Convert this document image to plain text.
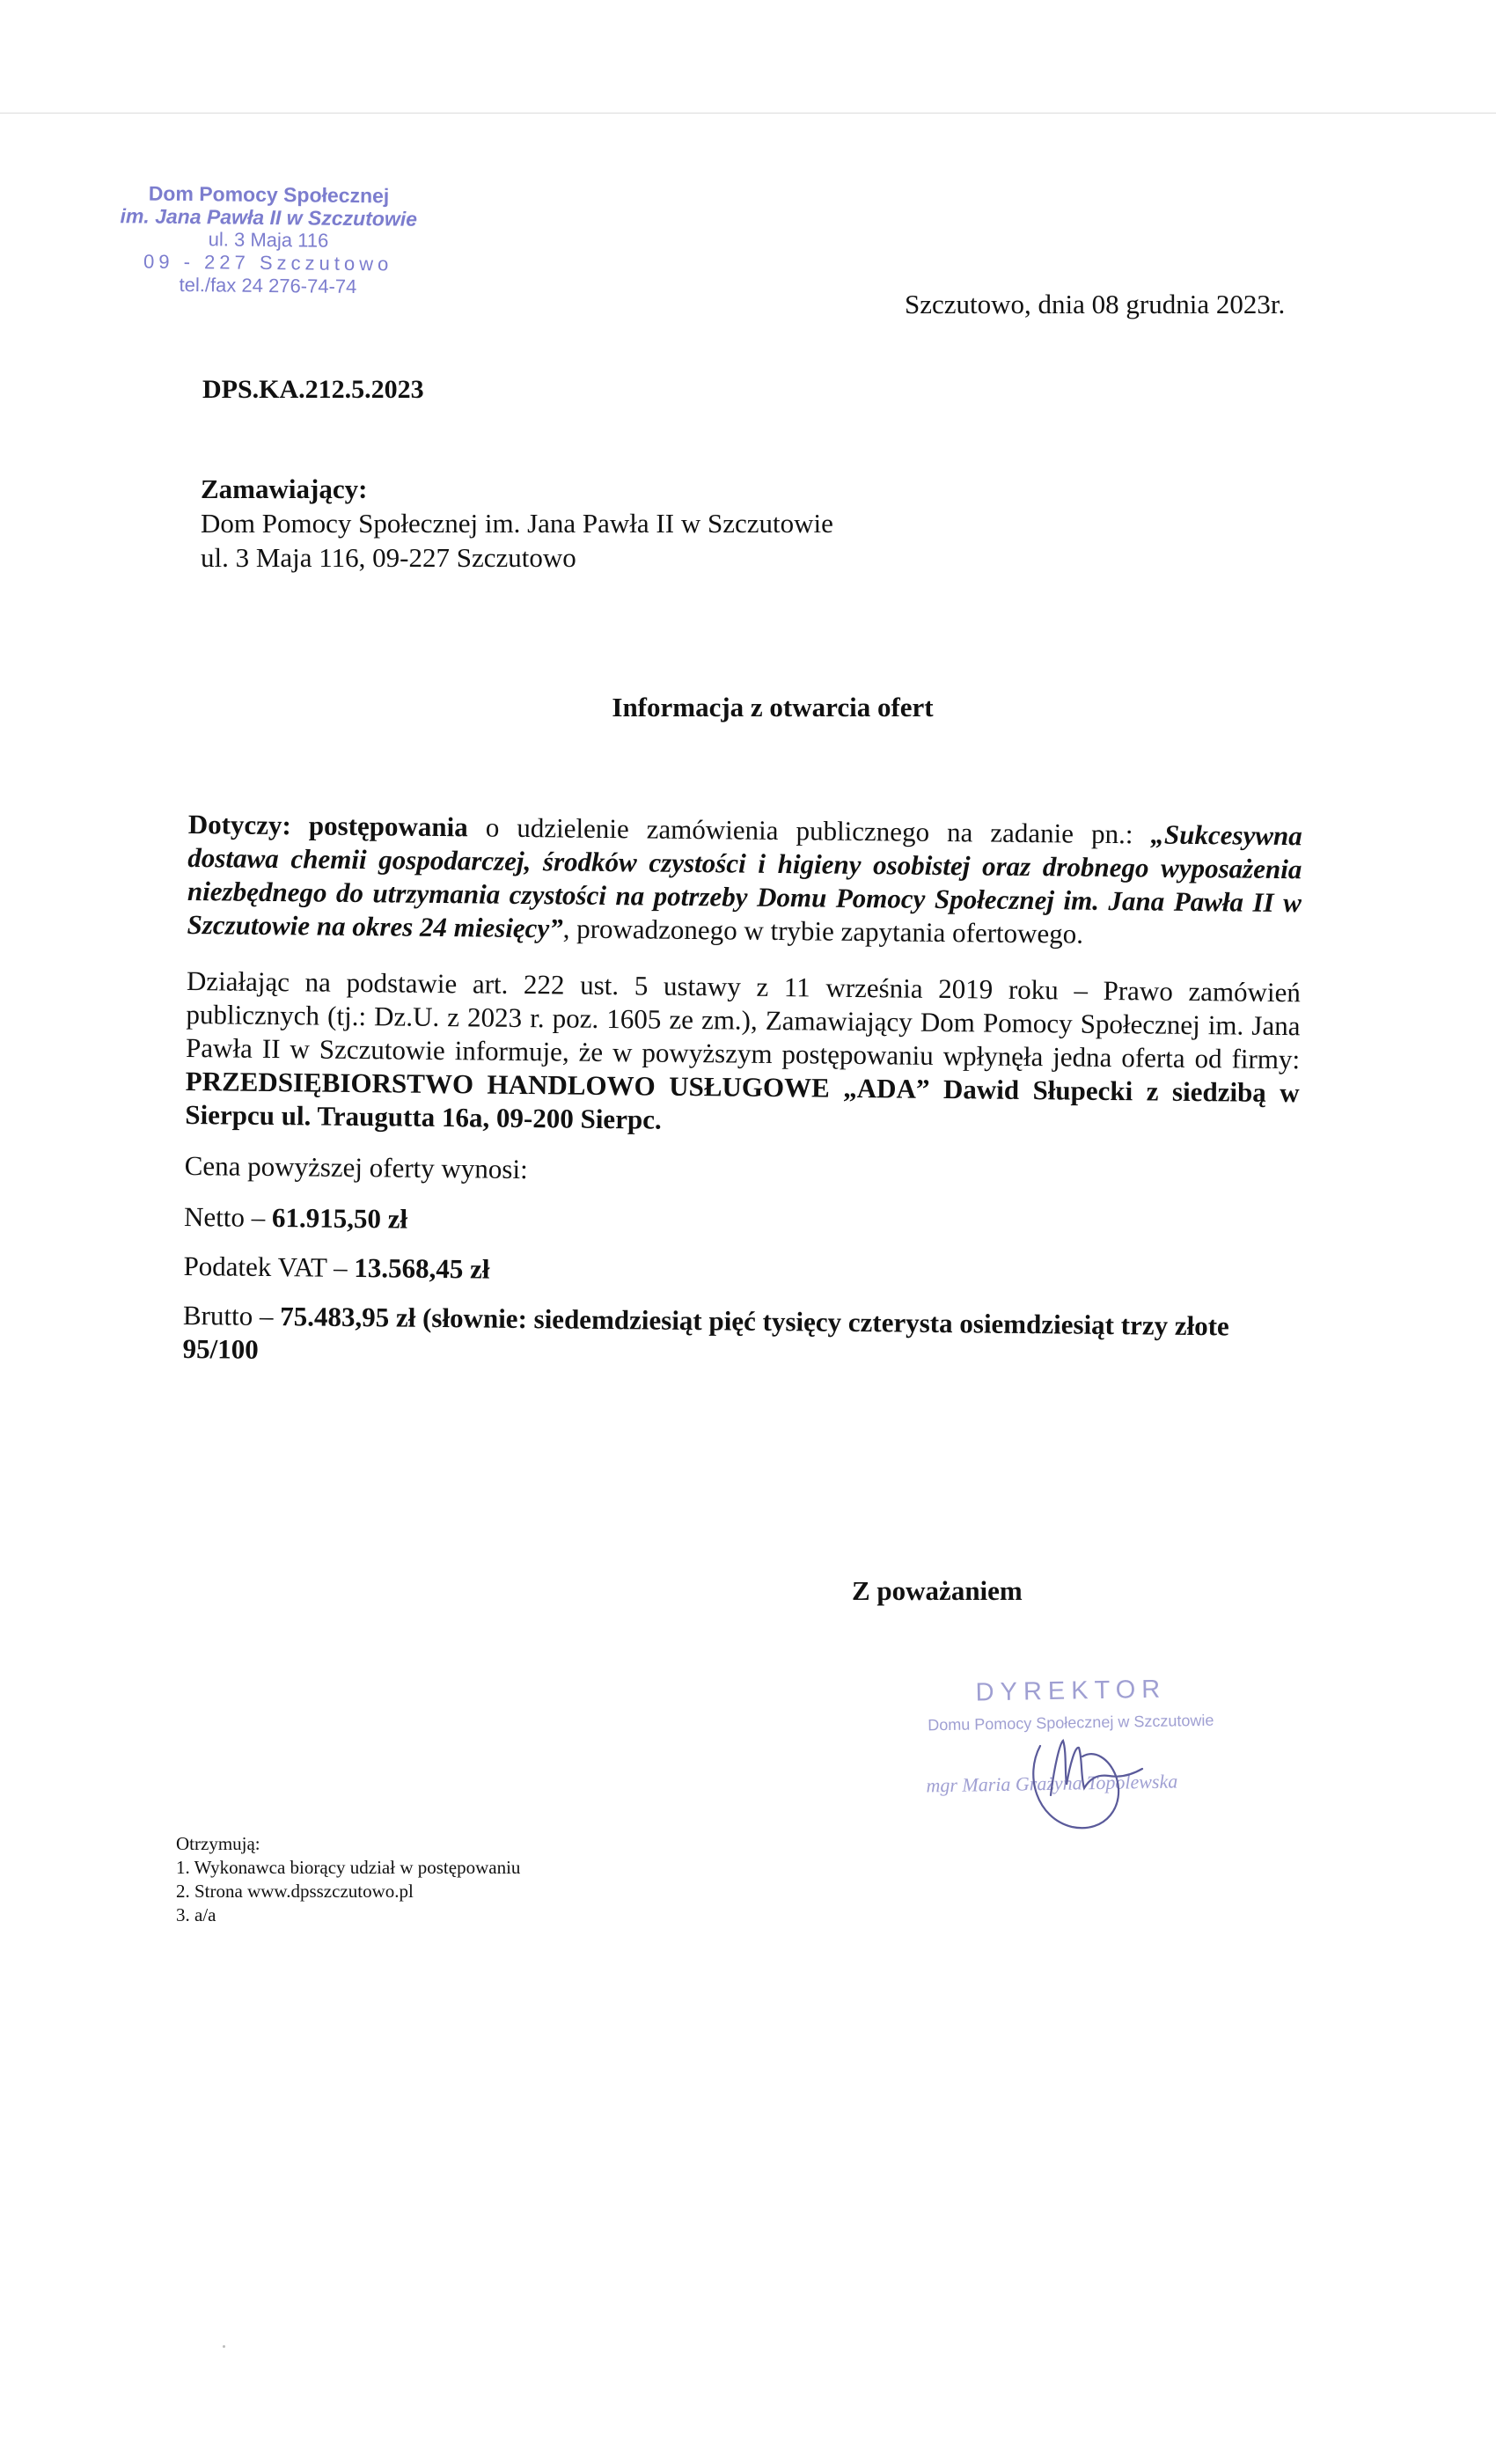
Dom Pomocy Społecznej
im. Jana Pawła II w Szczutowie
ul. 3 Maja 116
09 - 227 Szczutowo
tel./fax 24 276-74-74
Szczutowo, dnia 08 grudnia 2023r.
DPS.KA.212.5.2023
Zamawiający:
Dom Pomocy Społecznej im. Jana Pawła II w Szczutowie
ul. 3 Maja 116, 09-227 Szczutowo
Informacja z otwarcia ofert

Dotyczy: postępowania o udzielenie zamówienia publicznego na zadanie pn.: „Sukcesywna dostawa chemii gospodarczej, środków czystości i higieny osobistej oraz drobnego wyposażenia niezbędnego do utrzymania czystości na potrzeby Domu Pomocy Społecznej im. Jana Pawła II w Szczutowie na okres 24 miesięcy”, prowadzonego w trybie zapytania ofertowego.

Działając na podstawie art. 222 ust. 5 ustawy z 11 września 2019 roku – Prawo zamówień publicznych (tj.: Dz.U. z 2023 r. poz. 1605 ze zm.), Zamawiający Dom Pomocy Społecznej im. Jana Pawła II w Szczutowie informuje, że w powyższym postępowaniu wpłynęła jedna oferta od firmy: PRZEDSIĘBIORSTWO HANDLOWO USŁUGOWE „ADA” Dawid Słupecki z siedzibą w Sierpcu ul. Traugutta 16a, 09-200 Sierpc.

Cena powyższej oferty wynosi:

Netto – 61.915,50 zł

Podatek VAT – 13.568,45 zł

Brutto – 75.483,95 zł (słownie: siedemdziesiąt pięć tysięcy czterysta osiemdziesiąt trzy złote 95/100

Z poważaniem
DYREKTOR
Domu Pomocy Społecznej w Szczutowie
mgr Maria Grażyna Topolewska
Otrzymują:
1. Wykonawca biorący udział w postępowaniu
2. Strona www.dpsszczutowo.pl
3. a/a
